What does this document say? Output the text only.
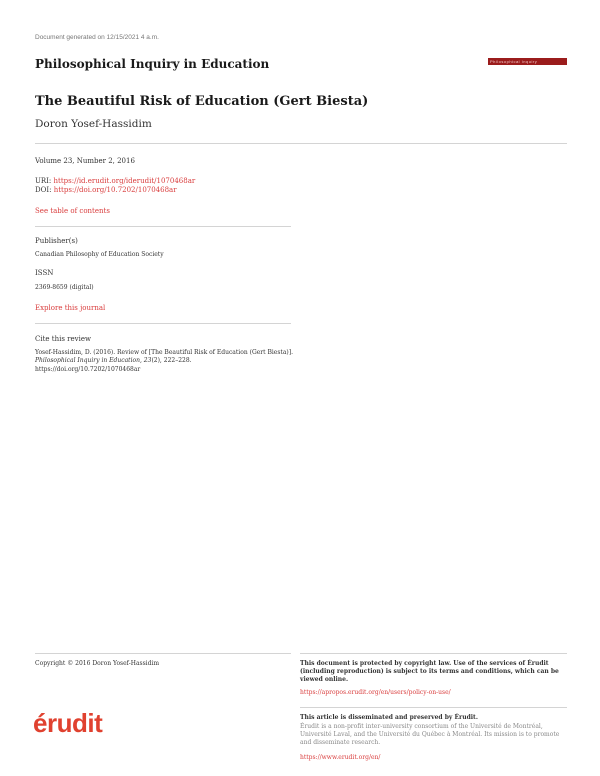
Document generated on 12/15/2021 4 a.m.
Philosophical Inquiry in Education	Philosophical Inquiry
The Beautiful Risk of Education (Gert Biesta)
Doron Yosef-Hassidim
Volume 23, Number 2, 2016
URI: https://id.erudit.org/iderudit/1070468ar
DOI: https://doi.org/10.7202/1070468ar
See table of contents
Publisher(s)
Canadian Philosophy of Education Society
ISSN
2369-8659 (digital)
Explore this journal
Cite this review
Yosef-Hassidim, D. (2016). Review of [The Beautiful Risk of Education (Gert Biesta)]. Philosophical Inquiry in Education, 23(2), 222–228.
https://doi.org/10.7202/1070468ar
Copyright © 2016 Doron Yosef-Hassidim	This document is protected by copyright law. Use of the services of Érudit (including reproduction) is subject to its terms and conditions, which can be viewed online.
https://apropos.erudit.org/en/users/policy-on-use/
érudit	This article is disseminated and preserved by Érudit.
Érudit is a non-profit inter-university consortium of the Université de Montréal, Université Laval, and the Université du Québec à Montréal. Its mission is to promote and disseminate research.
https://www.erudit.org/en/
